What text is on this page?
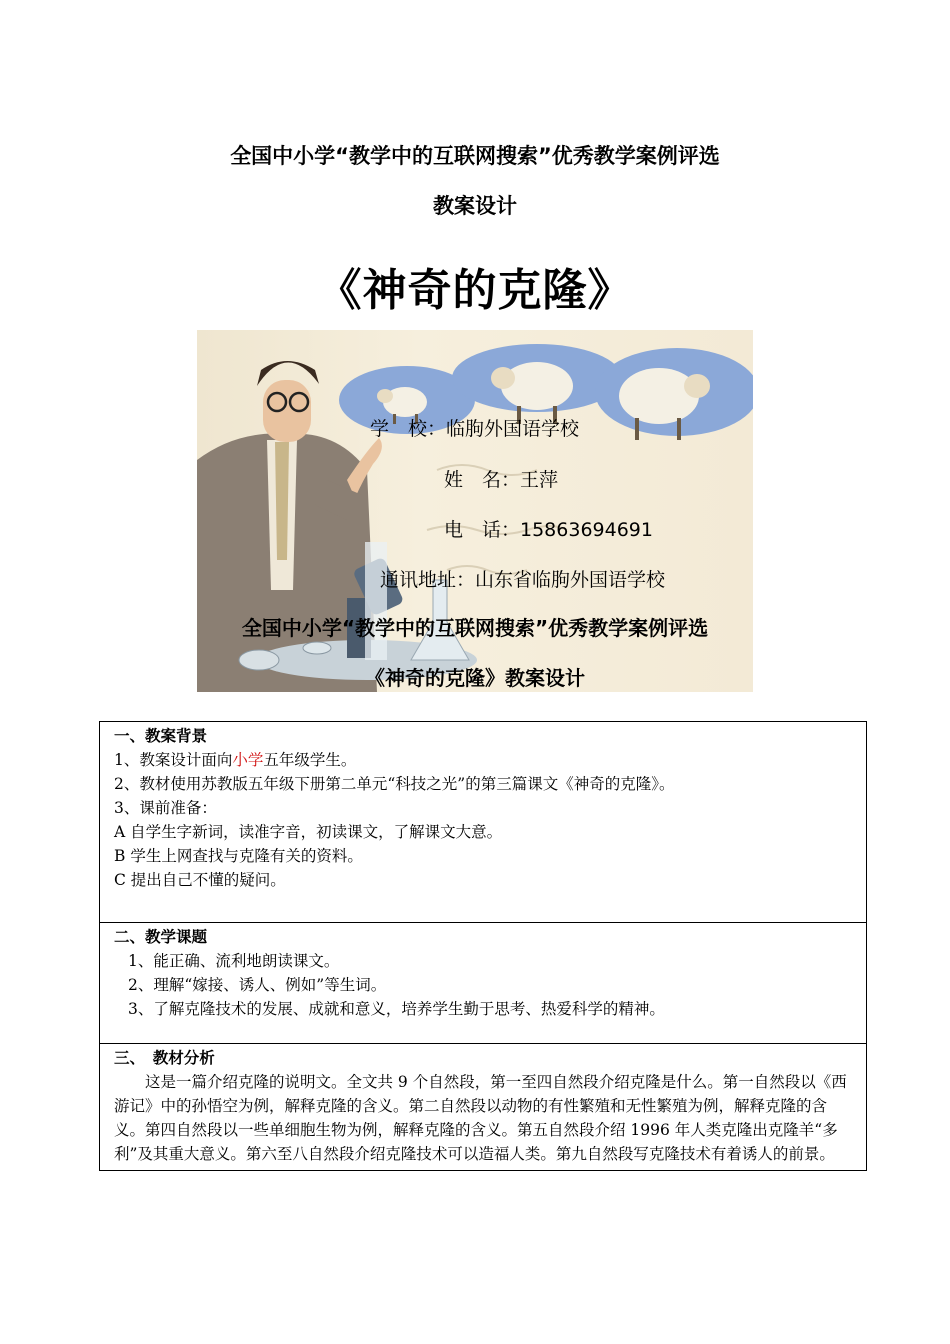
全国中小学“教学中的互联网搜索”优秀教学案例评选
教案设计
《神奇的克隆》
学　校：临朐外国语学校
姓　名：王萍
电　话：15863694691
通讯地址：山东省临朐外国语学校
全国中小学“教学中的互联网搜索”优秀教学案例评选
《神奇的克隆》教案设计
一、教案背景
1、教案设计面向小学五年级学生。
2、教材使用苏教版五年级下册第二单元“科技之光”的第三篇课文《神奇的克隆》。
3、课前准备：
A 自学生字新词，读准字音，初读课文，了解课文大意。
B 学生上网查找与克隆有关的资料。
C 提出自己不懂的疑问。

二、教学课题
1、能正确、流利地朗读课文。
2、理解“嫁接、诱人、例如”等生词。
3、了解克隆技术的发展、成就和意义，培养学生勤于思考、热爱科学的精神。

三、　教材分析
这是一篇介绍克隆的说明文。全文共 9 个自然段，第一至四自然段介绍克隆是什么。第一自然段以《西游记》中的孙悟空为例，解释克隆的含义。第二自然段以动物的有性繁殖和无性繁殖为例，解释克隆的含义。第四自然段以一些单细胞生物为例，解释克隆的含义。第五自然段介绍 1996 年人类克隆出克隆羊“多利”及其重大意义。第六至八自然段介绍克隆技术可以造福人类。第九自然段写克隆技术有着诱人的前景。
